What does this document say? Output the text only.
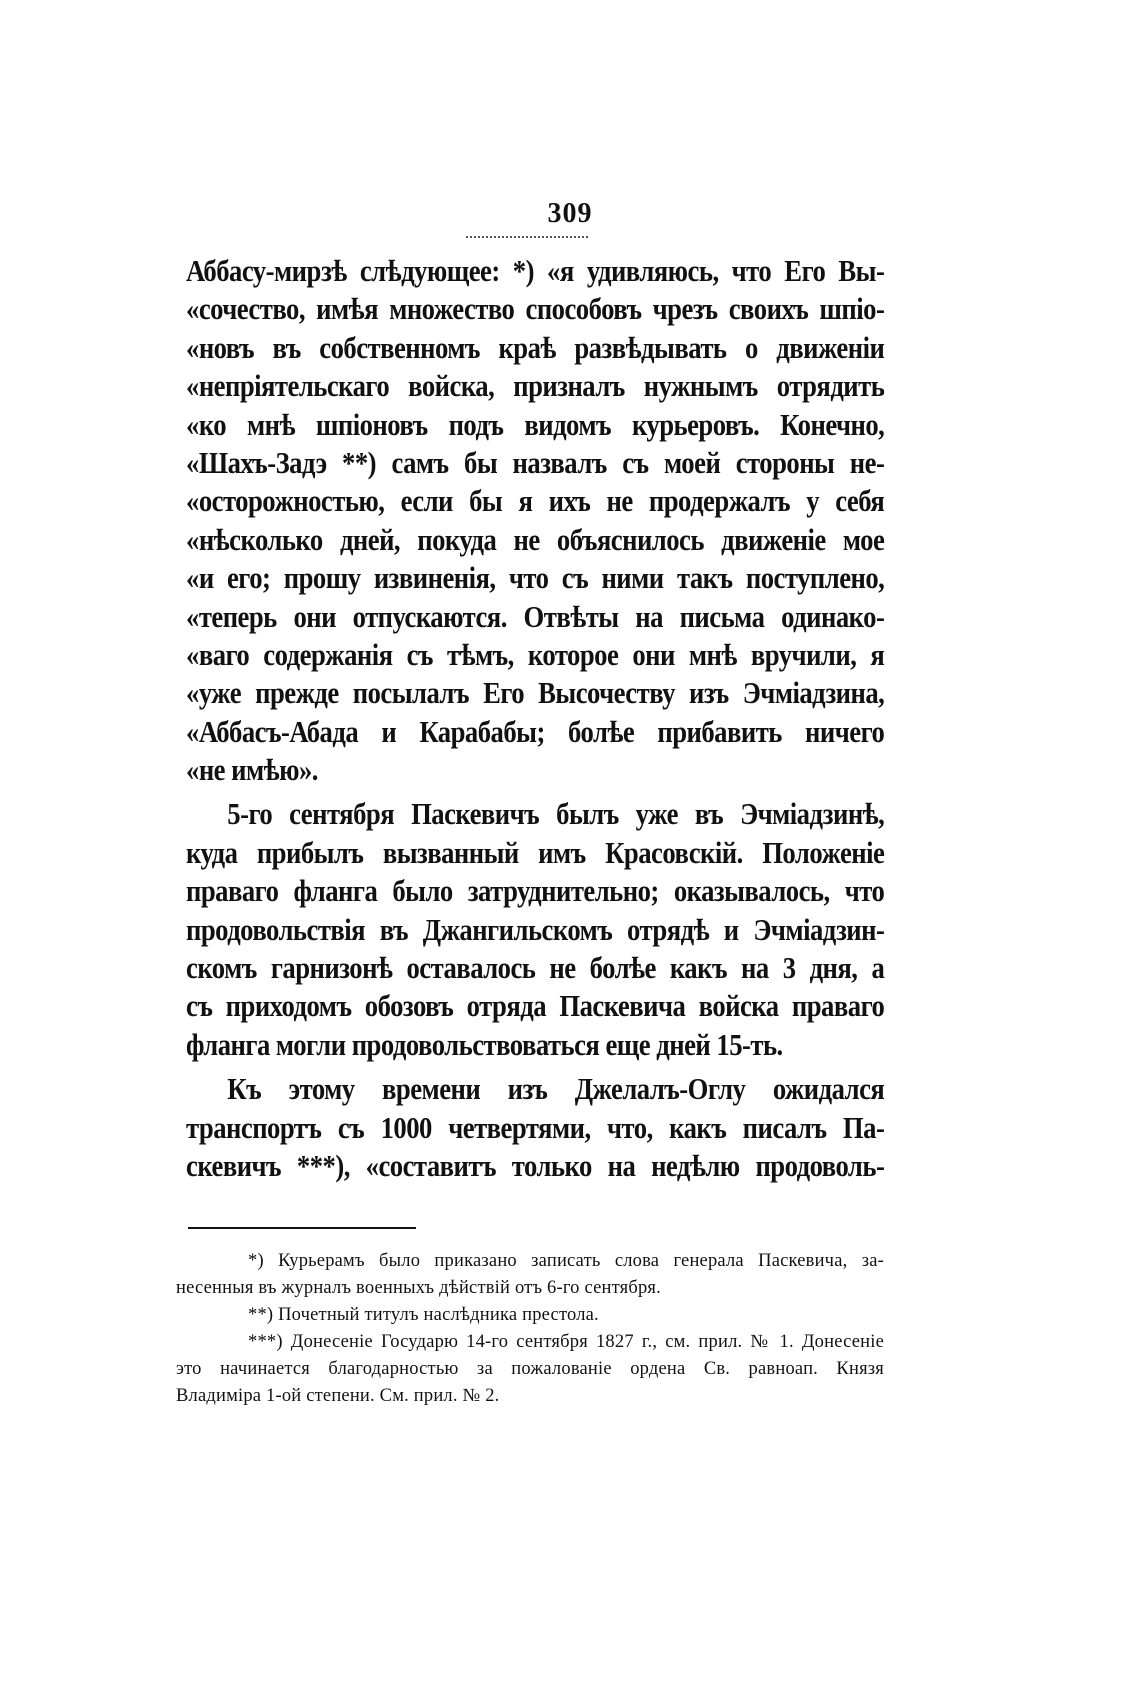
309
Аббасу-мирзѣ слѣдующее: *) «я удивляюсь, что Его Вы-
«сочество, имѣя множество способовъ чрезъ своихъ шпіо-
«новъ въ собственномъ краѣ развѣдывать о движеніи
«непріятельскаго войска, призналъ нужнымъ отрядить
«ко мнѣ шпіоновъ подъ видомъ курьеровъ. Конечно,
«Шахъ-Задэ **) самъ бы назвалъ съ моей стороны не-
«осторожностью, если бы я ихъ не продержалъ у себя
«нѣсколько дней, покуда не объяснилось движеніе мое
«и его; прошу извиненія, что съ ними такъ поступлено,
«теперь они отпускаются. Отвѣты на письма одинако-
«ваго содержанія съ тѣмъ, которое они мнѣ вручили, я
«уже прежде посылалъ Его Высочеству изъ Эчміадзина,
«Аббасъ-Абада и Карабабы; болѣе прибавить ничего
«не имѣю».
5-го сентября Паскевичъ былъ уже въ Эчміадзинѣ,
куда прибылъ вызванный имъ Красовскій. Положеніе
праваго фланга было затруднительно; оказывалось, что
продовольствія въ Джангильскомъ отрядѣ и Эчміадзин-
скомъ гарнизонѣ оставалось не болѣе какъ на 3 дня, а
съ приходомъ обозовъ отряда Паскевича войска праваго
фланга могли продовольствоваться еще дней 15-ть.
Къ этому времени изъ Джелалъ-Оглу ожидался
транспортъ съ 1000 четвертями, что, какъ писалъ Па-
скевичъ ***), «составитъ только на недѣлю продоволь-
*) Курьерамъ было приказано записать слова генерала Паскевича, за-
несенныя въ журналъ военныхъ дѣйствій отъ 6-го сентября.
**) Почетный титулъ наслѣдника престола.
***) Донесеніе Государю 14-го сентября 1827 г., см. прил. № 1. Донесеніе
это начинается благодарностью за пожалованіе ордена Св. равноап. Князя
Владиміра 1-ой степени. См. прил. № 2.
